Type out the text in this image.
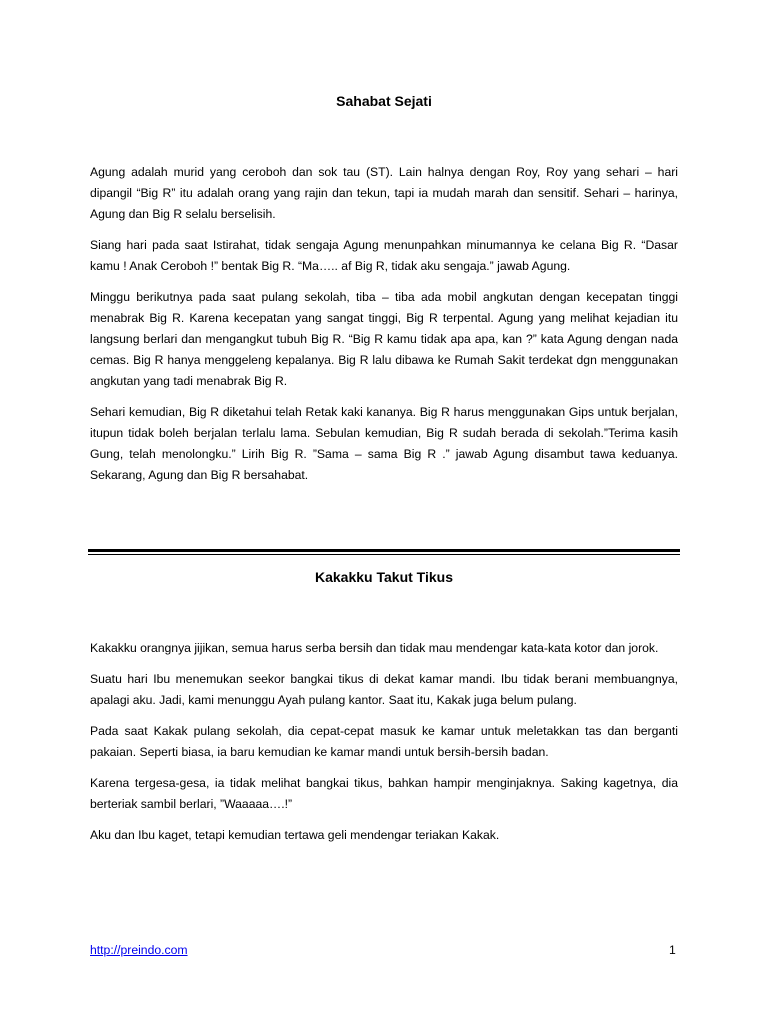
Sahabat Sejati

Agung adalah murid yang ceroboh dan sok tau (ST). Lain halnya dengan Roy, Roy yang sehari – hari dipangil “Big R” itu adalah orang yang rajin dan tekun, tapi ia mudah marah dan sensitif. Sehari – harinya, Agung dan Big R selalu berselisih.

Siang hari pada saat Istirahat, tidak sengaja Agung menunpahkan minumannya ke celana Big R. “Dasar kamu ! Anak Ceroboh !” bentak Big R. “Ma….. af Big R, tidak aku sengaja.” jawab Agung.

Minggu berikutnya pada saat pulang sekolah, tiba – tiba ada mobil angkutan dengan kecepatan tinggi menabrak Big R. Karena kecepatan yang sangat tinggi, Big R terpental. Agung yang melihat kejadian itu langsung berlari dan mengangkut tubuh Big R. “Big R kamu tidak apa apa, kan ?” kata Agung dengan nada cemas. Big R hanya menggeleng kepalanya. Big R lalu dibawa ke Rumah Sakit terdekat dgn menggunakan angkutan yang tadi menabrak Big R.

Sehari kemudian, Big R diketahui telah Retak kaki kananya. Big R harus menggunakan Gips untuk berjalan, itupun tidak boleh berjalan terlalu lama. Sebulan kemudian, Big R sudah berada di sekolah.”Terima kasih Gung, telah menolongku.” Lirih Big R. ”Sama – sama Big R .” jawab Agung disambut tawa keduanya. Sekarang, Agung dan Big R bersahabat.

Kakakku Takut Tikus

Kakakku orangnya jijikan, semua harus serba bersih dan tidak mau mendengar kata-kata kotor dan jorok.

Suatu hari Ibu menemukan seekor bangkai tikus di dekat kamar mandi. Ibu tidak berani membuangnya, apalagi aku. Jadi, kami menunggu Ayah pulang kantor. Saat itu, Kakak juga belum pulang.

Pada saat Kakak pulang sekolah, dia cepat-cepat masuk ke kamar untuk meletakkan tas dan berganti pakaian. Seperti biasa, ia baru kemudian ke kamar mandi untuk bersih-bersih badan.

Karena tergesa-gesa, ia tidak melihat bangkai tikus, bahkan hampir menginjaknya. Saking kagetnya, dia berteriak sambil berlari, ”Waaaaa….!”

Aku dan Ibu kaget, tetapi kemudian tertawa geli mendengar teriakan Kakak.

http://preindo.com	1
